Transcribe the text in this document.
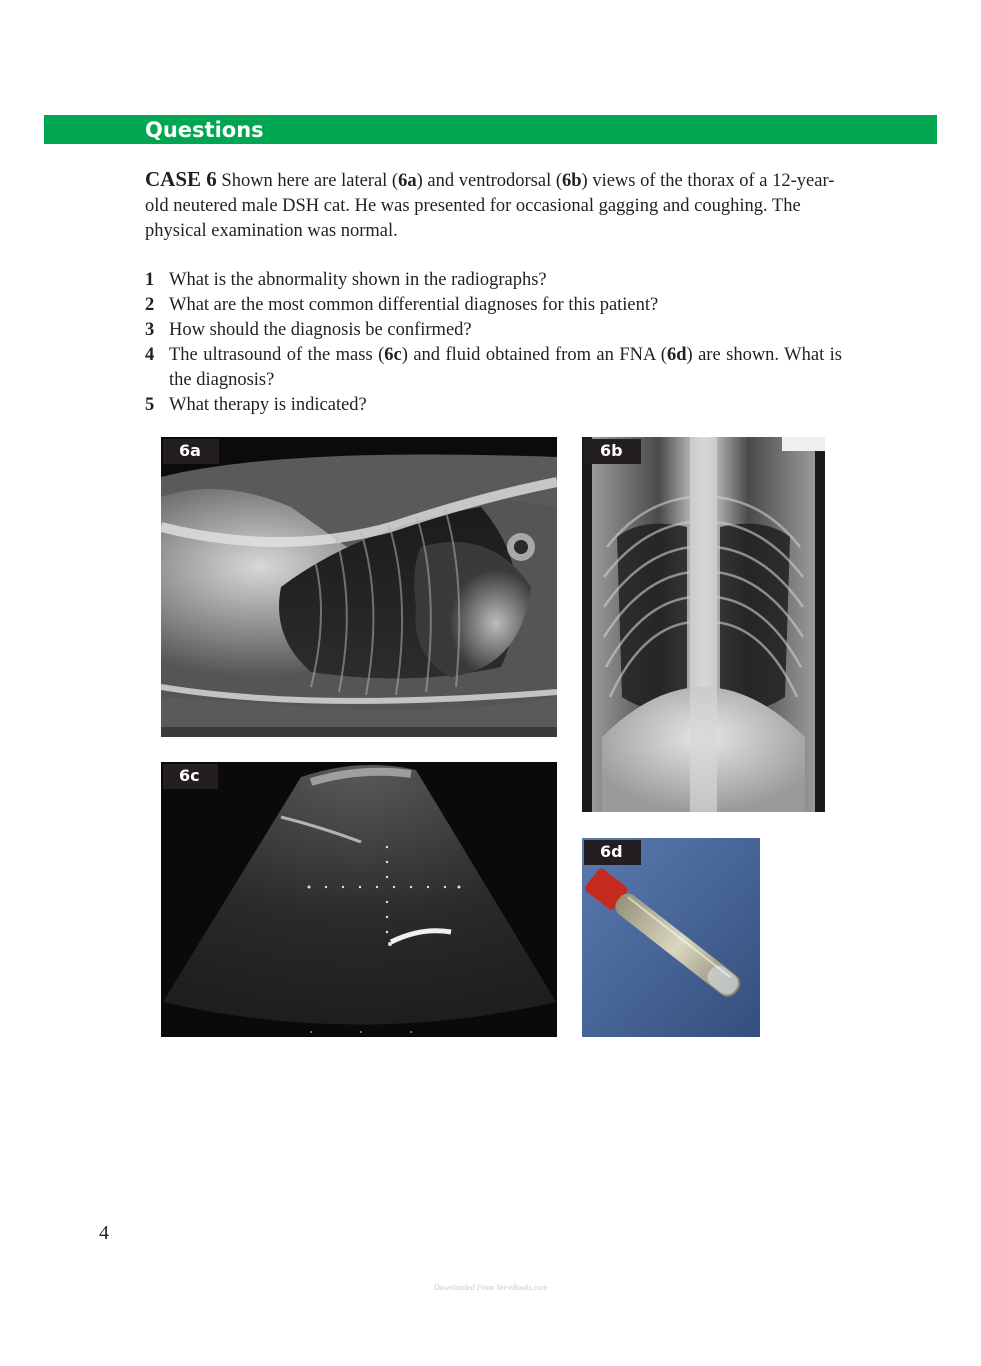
Questions

CASE 6 Shown here are lateral (6a) and ventrodorsal (6b) views of the thorax of a 12-year-old neutered male DSH cat. He was presented for occasional gagging and coughing. The physical examination was normal.

1 What is the abnormality shown in the radiographs?
2 What are the most common differential diagnoses for this patient?
3 How should the diagnosis be confirmed?
4 The ultrasound of the mass (6c) and fluid obtained from an FNA (6d) are shown. What is the diagnosis?
5 What therapy is indicated?
6a	6b
6c
6d
4
Downloaded From Vet-eBooks.com
